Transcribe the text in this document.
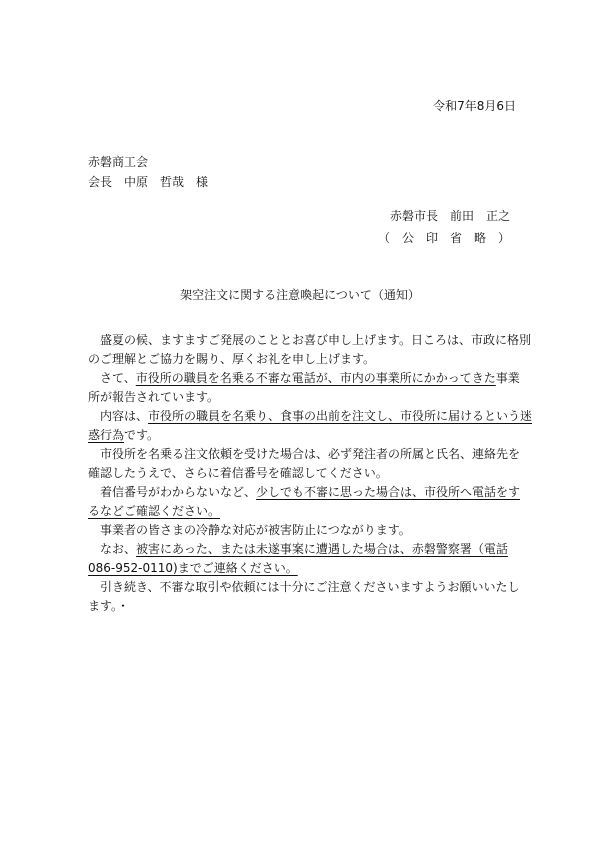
令和7年8月6日
赤磐商工会
会長　中原　哲哉　様
赤磐市長　前田　正之
（　公　印　省　略　）
架空注文に関する注意喚起について（通知）
　盛夏の候、ますますご発展のこととお喜び申し上げます。日ころは、市政に格別
のご理解とご協力を賜り、厚くお礼を申し上げます。
　さて、市役所の職員を名乗る不審な電話が、市内の事業所にかかってきた事業
所が報告されています。
　内容は、市役所の職員を名乗り、食事の出前を注文し、市役所に届けるという迷
惑行為です。
　市役所を名乗る注文依頼を受けた場合は、必ず発注者の所属と氏名、連絡先を
確認したうえで、さらに着信番号を確認してください。
　着信番号がわからないなど、少しでも不審に思った場合は、市役所へ電話をす
るなどご確認ください。
　事業者の皆さまの冷静な対応が被害防止につながります。
　なお、被害にあった、または未遂事案に遭遇した場合は、赤磐警察署（電話
086-952-0110)までご連絡ください。
　引き続き、不審な取引や依頼には十分にご注意くださいますようお願いいたし
ます。・
